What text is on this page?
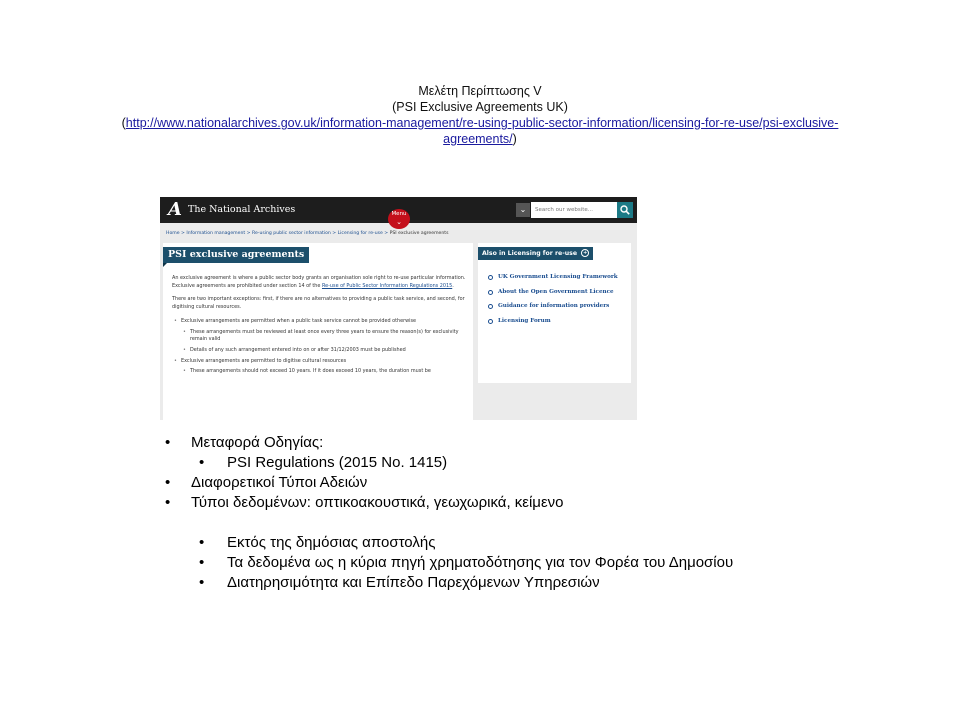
Μελέτη Περίπτωσης V
(PSI Exclusive Agreements UK)
(http://www.nationalarchives.gov.uk/information-management/re-using-public-sector-information/licensing-for-re-use/psi-exclusive-agreements/)
A The National Archives	⌄	Search our website...
Menu
⌄
Home > Information management > Re-using public sector information > Licensing for re-use > PSI exclusive agreements
PSI exclusive agreements

An exclusive agreement is where a public sector body grants an organisation sole right to re-use particular information. Exclusive agreements are prohibited under section 14 of the Re-use of Public Sector Information Regulations 2015.

There are two important exceptions: first, if there are no alternatives to providing a public task service, and second, for digitising cultural resources.

• Exclusive arrangements are permitted when a public task service cannot be provided otherwise
• These arrangements must be reviewed at least once every three years to ensure the reason(s) for exclusivity remain valid
• Details of any such arrangement entered into on or after 31/12/2003 must be published
• Exclusive arrangements are permitted to digitise cultural resources
• These arrangements should not exceed 10 years. If it does exceed 10 years, the duration must be
Also in Licensing for re-use +
UK Government Licensing Framework
About the Open Government Licence
Guidance for information providers
Licensing Forum
• Μεταφορά Οδηγίας:
• PSI Regulations (2015 No. 1415)
• Διαφορετικοί Τύποι Αδειών
• Τύποι δεδομένων: οπτικοακουστικά, γεωχωρικά, κείμενο
• Εκτός της δημόσιας αποστολής
• Τα δεδομένα ως η κύρια πηγή χρηματοδότησης για τον Φορέα του Δημοσίου
• Διατηρησιμότητα και Επίπεδο Παρεχόμενων Υπηρεσιών
